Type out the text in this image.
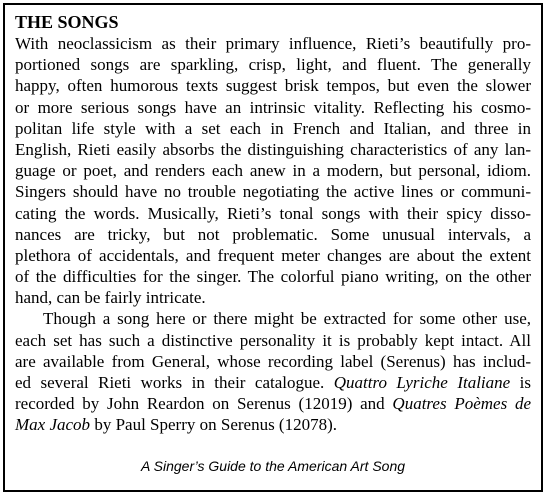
THE SONGS
With neoclassicism as their primary influence, Rieti’s beautifully pro-
portioned songs are sparkling, crisp, light, and fluent. The generally
happy, often humorous texts suggest brisk tempos, but even the slower
or more serious songs have an intrinsic vitality. Reflecting his cosmo-
politan life style with a set each in French and Italian, and three in
English, Rieti easily absorbs the distinguishing characteristics of any lan-
guage or poet, and renders each anew in a modern, but personal, idiom.
Singers should have no trouble negotiating the active lines or communi-
cating the words. Musically, Rieti’s tonal songs with their spicy disso-
nances are tricky, but not problematic. Some unusual intervals, a
plethora of accidentals, and frequent meter changes are about the extent
of the difficulties for the singer. The colorful piano writing, on the other
hand, can be fairly intricate.
Though a song here or there might be extracted for some other use,
each set has such a distinctive personality it is probably kept intact. All
are available from General, whose recording label (Serenus) has includ-
ed several Rieti works in their catalogue. Quattro Lyriche Italiane is
recorded by John Reardon on Serenus (12019) and Quatres Poèmes de
Max Jacob by Paul Sperry on Serenus (12078).
A Singer’s Guide to the American Art Song
